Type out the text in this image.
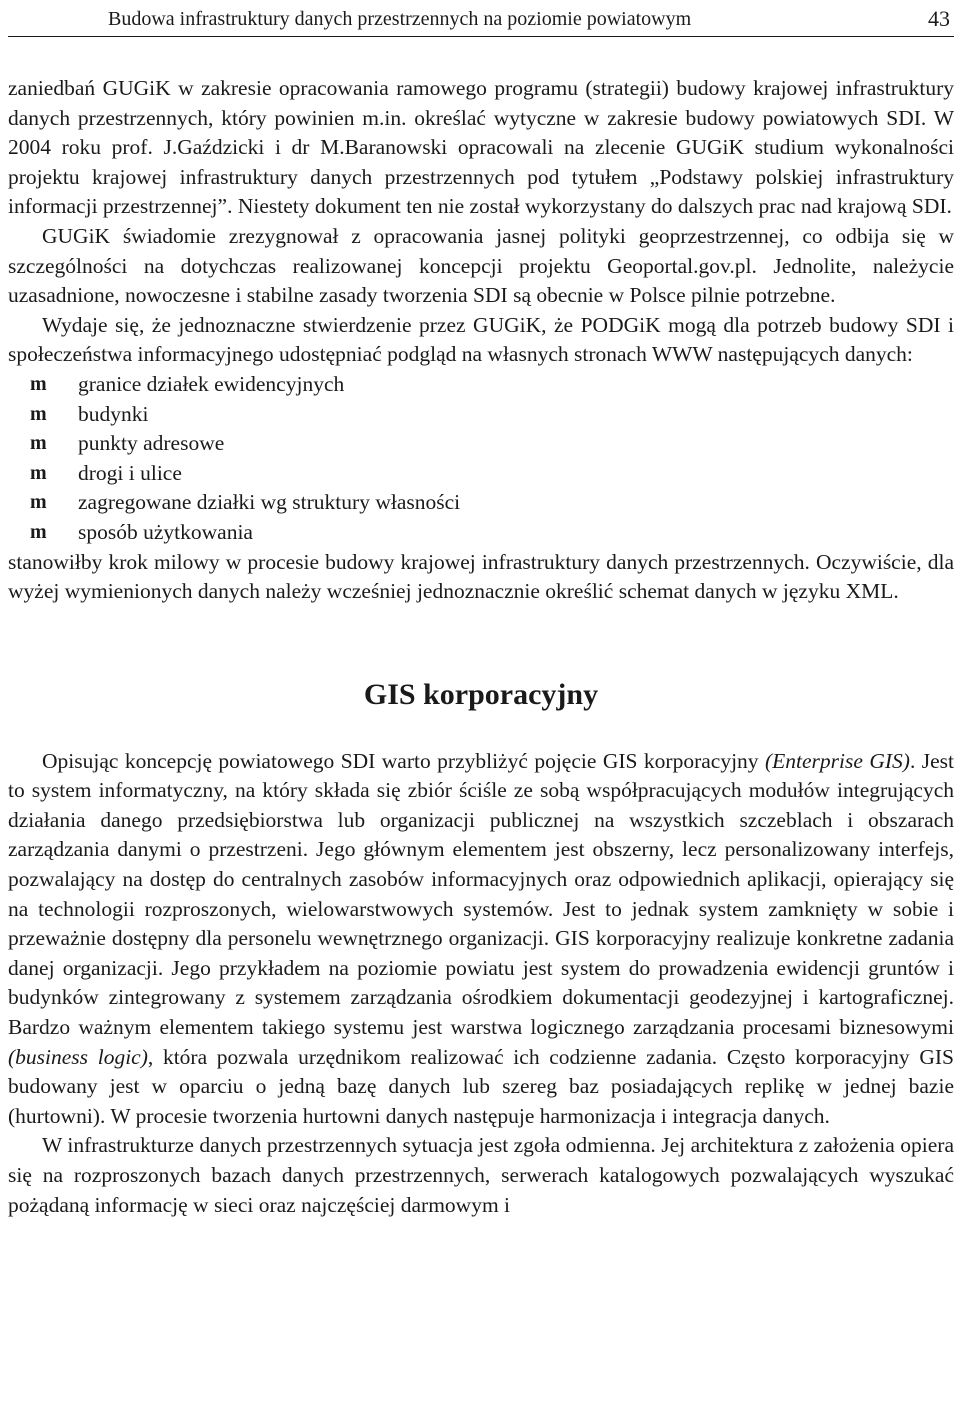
Budowa infrastruktury danych przestrzennych na poziomie powiatowym	43

zaniedbań GUGiK w zakresie opracowania ramowego programu (strategii) budowy krajowej infrastruktury danych przestrzennych, który powinien m.in. określać wytyczne w zakresie budowy powiatowych SDI. W 2004 roku prof. J.Gaździcki i dr M.Baranowski opracowali na zlecenie GUGiK studium wykonalności projektu krajowej infrastruktury danych przestrzennych pod tytułem „Podstawy polskiej infrastruktury informacji przestrzennej”. Niestety dokument ten nie został wykorzystany do dalszych prac nad krajową SDI.

GUGiK świadomie zrezygnował z opracowania jasnej polityki geoprzestrzennej, co odbija się w szczególności na dotychczas realizowanej koncepcji projektu Geoportal.gov.pl. Jednolite, należycie uzasadnione, nowoczesne i stabilne zasady tworzenia SDI są obecnie w Polsce pilnie potrzebne.

Wydaje się, że jednoznaczne stwierdzenie przez GUGiK, że PODGiK mogą dla potrzeb budowy SDI i społeczeństwa informacyjnego udostępniać podgląd na własnych stronach WWW następujących danych:

m granice działek ewidencyjnych
m budynki
m punkty adresowe
m drogi i ulice
m zagregowane działki wg struktury własności
m sposób użytkowania

stanowiłby krok milowy w procesie budowy krajowej infrastruktury danych przestrzennych. Oczywiście, dla wyżej wymienionych danych należy wcześniej jednoznacznie określić schemat danych w języku XML.

GIS korporacyjny

Opisując koncepcję powiatowego SDI warto przybliżyć pojęcie GIS korporacyjny (Enterprise GIS). Jest to system informatyczny, na który składa się zbiór ściśle ze sobą współpracujących modułów integrujących działania danego przedsiębiorstwa lub organizacji publicznej na wszystkich szczeblach i obszarach zarządzania danymi o przestrzeni. Jego głównym elementem jest obszerny, lecz personalizowany interfejs, pozwalający na dostęp do centralnych zasobów informacyjnych oraz odpowiednich aplikacji, opierający się na technologii rozproszonych, wielowarstwowych systemów. Jest to jednak system zamknięty w sobie i przeważnie dostępny dla personelu wewnętrznego organizacji. GIS korporacyjny realizuje konkretne zadania danej organizacji. Jego przykładem na poziomie powiatu jest system do prowadzenia ewidencji gruntów i budynków zintegrowany z systemem zarządzania ośrodkiem dokumentacji geodezyjnej i kartograficznej. Bardzo ważnym elementem takiego systemu jest warstwa logicznego zarządzania procesami biznesowymi (business logic), która pozwala urzędnikom realizować ich codzienne zadania. Często korporacyjny GIS budowany jest w oparciu o jedną bazę danych lub szereg baz posiadających replikę w jednej bazie (hurtowni). W procesie tworzenia hurtowni danych następuje harmonizacja i integracja danych.

W infrastrukturze danych przestrzennych sytuacja jest zgoła odmienna. Jej architektura z założenia opiera się na rozproszonych bazach danych przestrzennych, serwerach katalogowych pozwalających wyszukać pożądaną informację w sieci oraz najczęściej darmowym i
